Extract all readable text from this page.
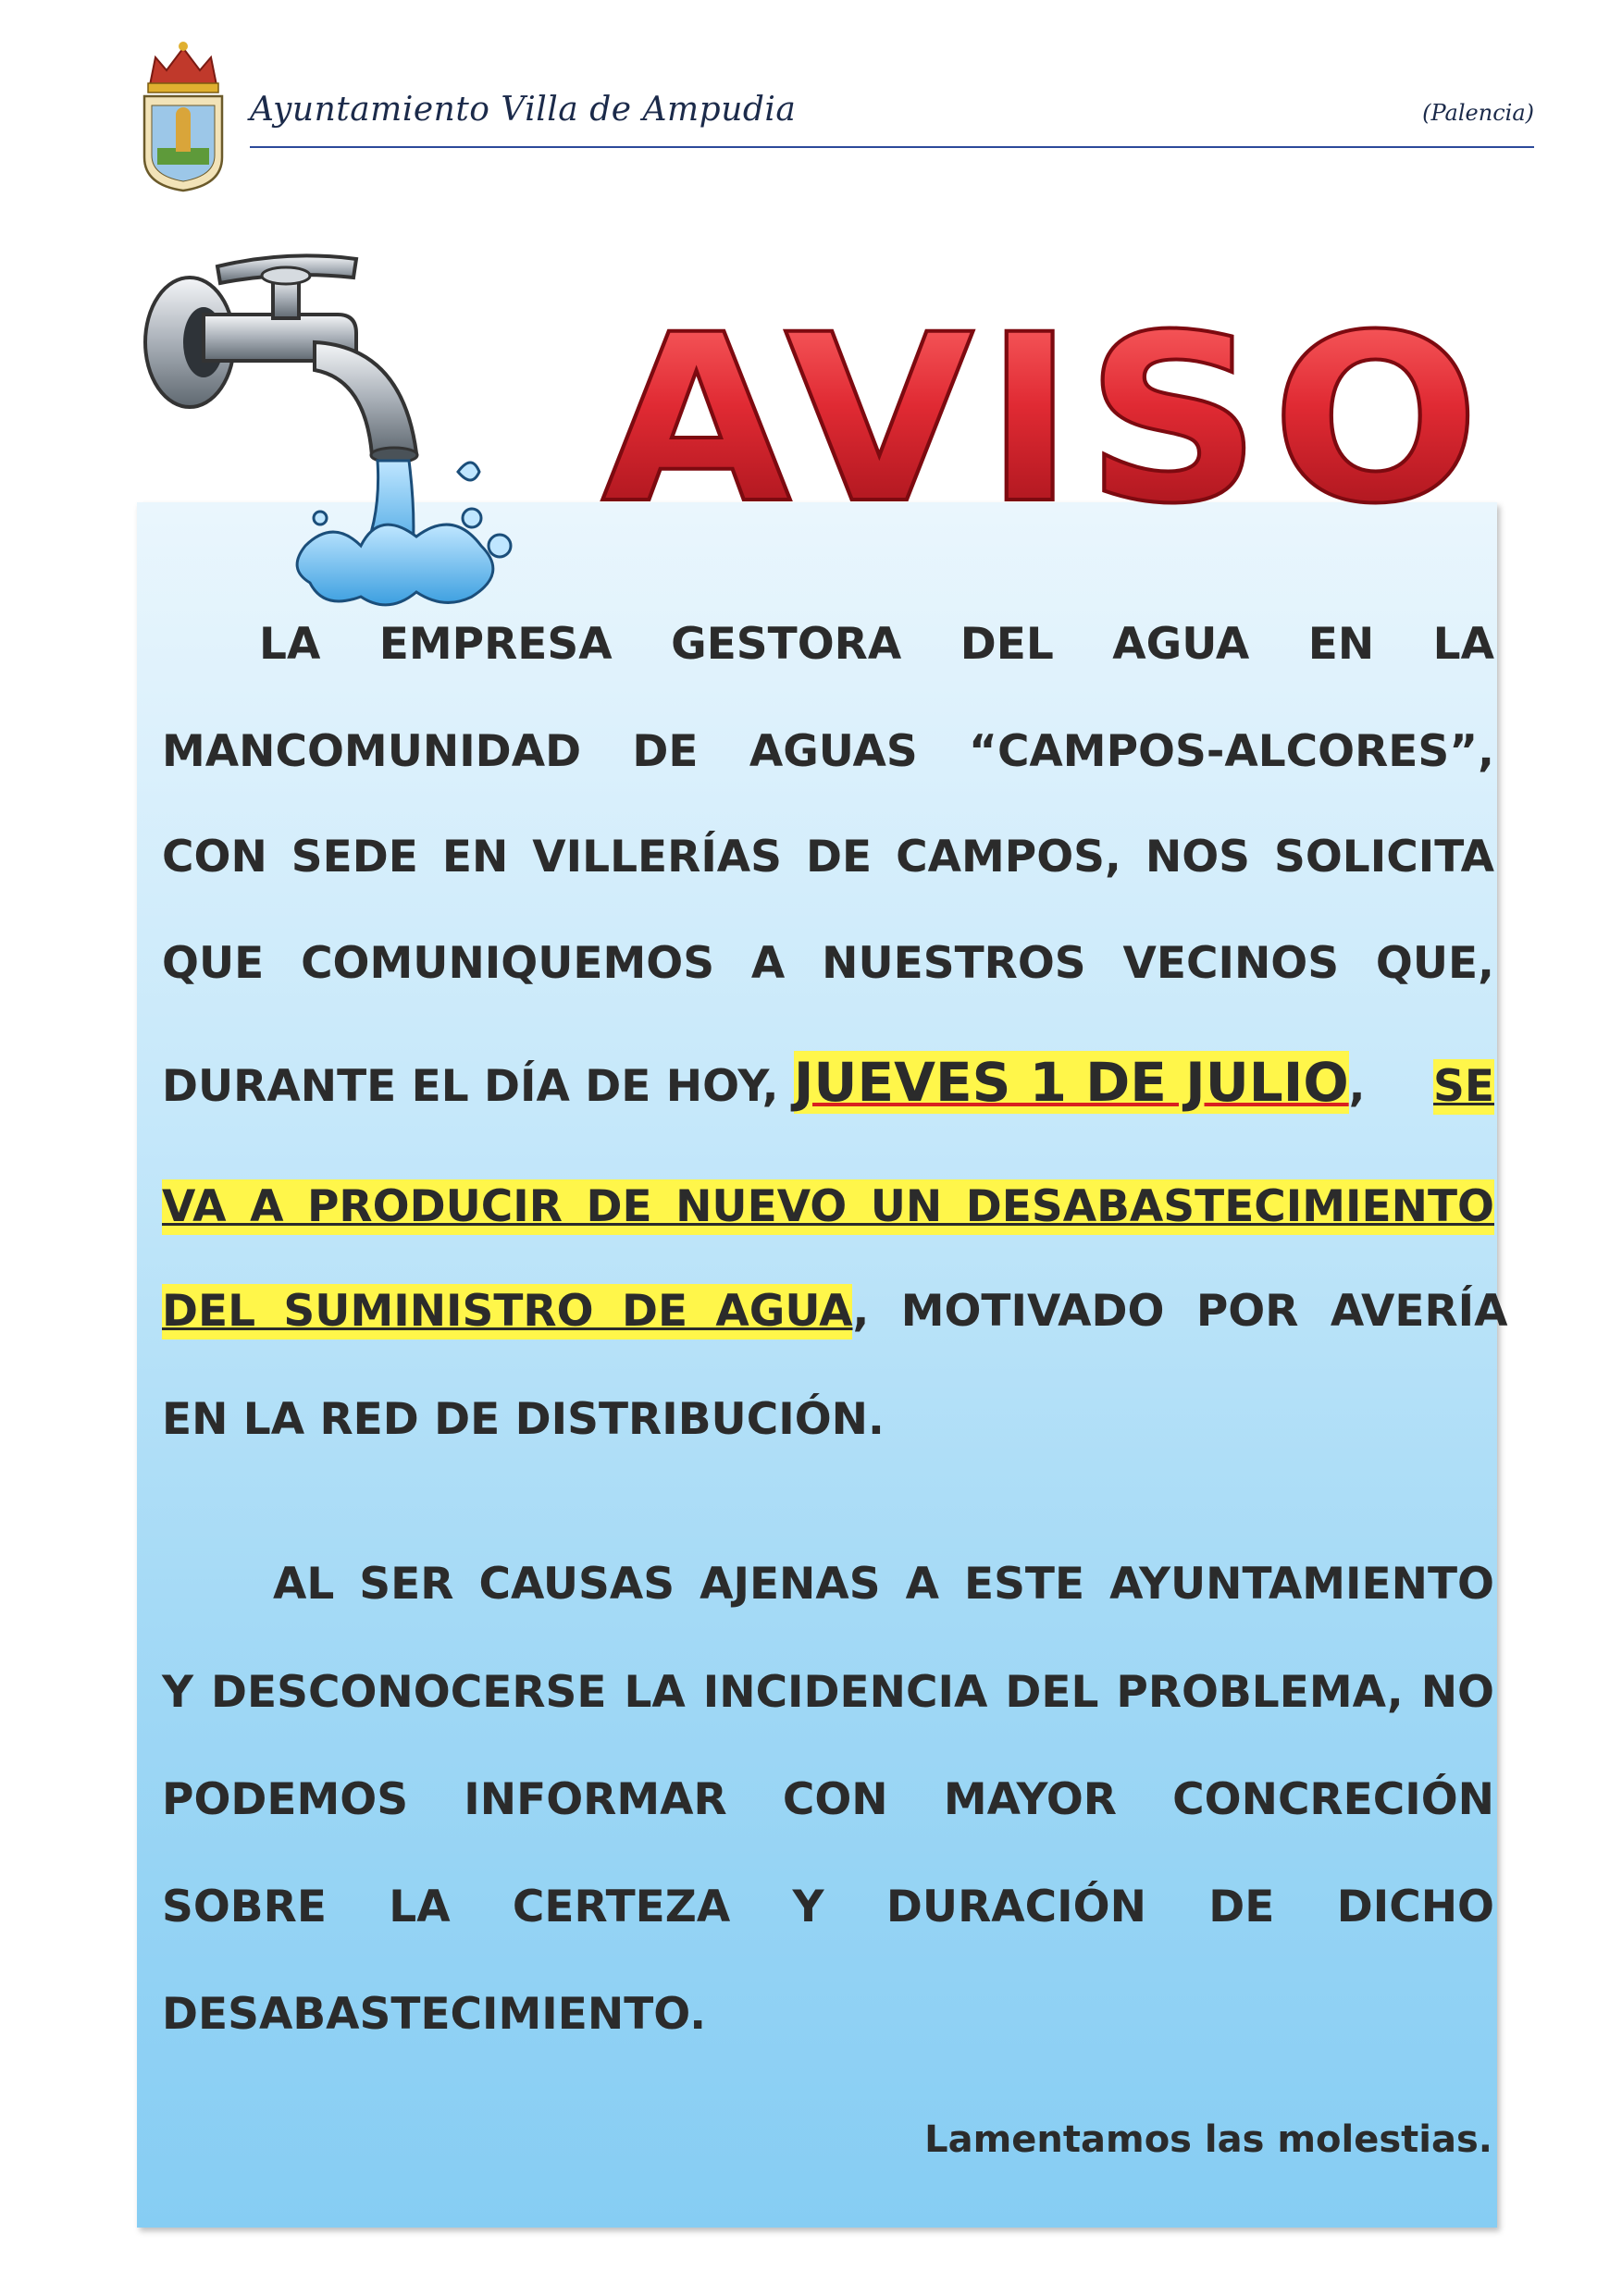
Ayuntamiento Villa de Ampudia	(Palencia)
AVISO
LA EMPRESA GESTORA DEL AGUA EN LA
MANCOMUNIDAD DE AGUAS “CAMPOS-ALCORES”,
CON SEDE EN VILLERÍAS DE CAMPOS, NOS SOLICITA
QUE COMUNIQUEMOS A NUESTROS VECINOS QUE,
DURANTE EL DÍA DE HOY, JUEVES 1 DE JULIO, SE
VA A PRODUCIR DE NUEVO UN DESABASTECIMIENTO
DEL SUMINISTRO DE AGUA , MOTIVADO POR AVERÍA
EN LA RED DE DISTRIBUCIÓN.
AL SER CAUSAS AJENAS A ESTE AYUNTAMIENTO
Y DESCONOCERSE LA INCIDENCIA DEL PROBLEMA, NO
PODEMOS INFORMAR CON MAYOR CONCRECIÓN
SOBRE LA CERTEZA Y DURACIÓN DE DICHO
DESABASTECIMIENTO.
Lamentamos las molestias.
